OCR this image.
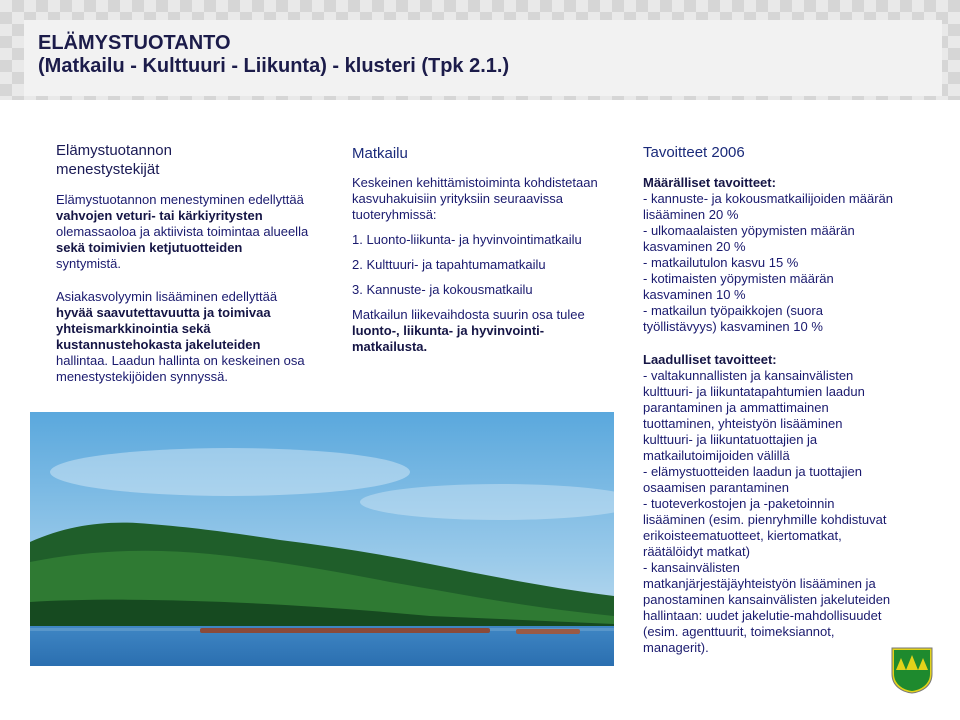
ELÄMYSTUOTANTO
(Matkailu - Kulttuuri - Liikunta) - klusteri (Tpk 2.1.)
Elämystuotannon
menestystekijät

Elämystuotannon menestyminen edellyttää
vahvojen veturi- tai kärkiyritysten
olemassaoloa ja aktiivista toimintaa alueella
sekä toimivien ketjutuotteiden
syntymistä.

Asiakasvolyymin lisääminen edellyttää
hyvää saavutettavuutta ja toimivaa
yhteismarkkinointia sekä
kustannustehokasta jakeluteiden
hallintaa. Laadun hallinta on keskeinen osa
menestystekijöiden synnyssä.

Matkailu

Keskeinen kehittämistoiminta kohdistetaan
kasvuhakuisiin yrityksiin seuraavissa
tuoteryhmissä:

1. Luonto-liikunta- ja hyvinvointimatkailu

2. Kulttuuri- ja tapahtumamatkailu

3. Kannuste- ja kokousmatkailu

Matkailun liikevaihdosta suurin osa tulee
luonto-, liikunta- ja hyvinvointi-
matkailusta.

Tavoitteet 2006
Määrälliset tavoitteet:
- kannuste- ja kokousmatkailijoiden määrän
lisääminen 20 %
- ulkomaalaisten yöpymisten määrän
kasvaminen 20 %
- matkailutulon kasvu 15 %
- kotimaisten yöpymisten määrän
kasvaminen 10 %
- matkailun työpaikkojen (suora
työllistävyys) kasvaminen 10 %
Laadulliset tavoitteet:
- valtakunnallisten ja kansainvälisten
kulttuuri- ja liikuntatapahtumien laadun
parantaminen ja ammattimainen
tuottaminen, yhteistyön lisääminen
kulttuuri- ja liikuntatuottajien ja
matkailutoimijoiden välillä
- elämystuotteiden laadun ja tuottajien
osaamisen parantaminen
- tuoteverkostojen ja -paketoinnin
lisääminen (esim. pienryhmille kohdistuvat
erikoisteematuotteet, kiertomatkat,
räätälöidyt matkat)
- kansainvälisten
matkanjärjestäjäyhteistyön lisääminen ja
panostaminen kansainvälisten jakeluteiden
hallintaan: uudet jakelutie-mahdollisuudet
(esim. agenttuurit, toimeksiannot,
managerit).
